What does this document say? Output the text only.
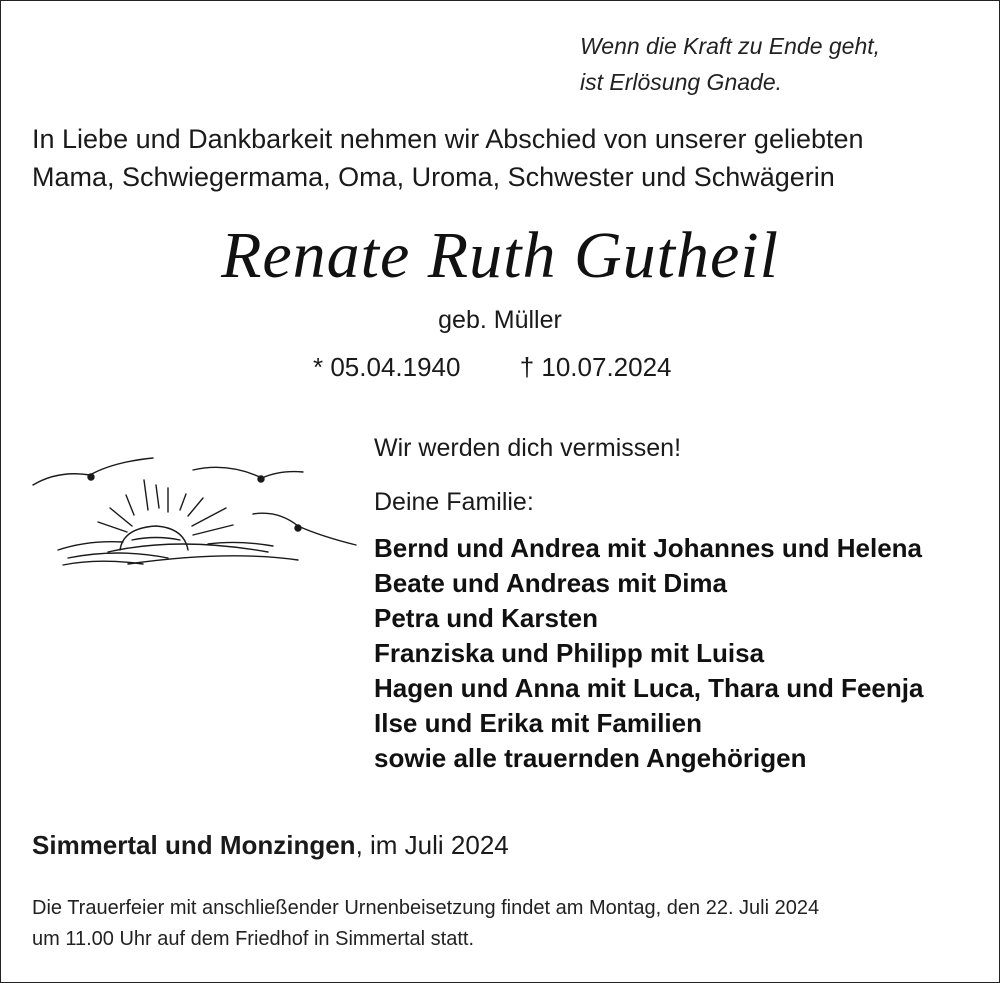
Wenn die Kraft zu Ende geht,
ist Erlösung Gnade.
In Liebe und Dankbarkeit nehmen wir Abschied von unserer geliebten
Mama, Schwiegermama, Oma, Uroma, Schwester und Schwägerin
Renate Ruth Gutheil
geb. Müller
* 05.04.1940 † 10.07.2024
Wir werden dich vermissen!
Deine Familie:
Bernd und Andrea mit Johannes und Helena
Beate und Andreas mit Dima
Petra und Karsten
Franziska und Philipp mit Luisa
Hagen und Anna mit Luca, Thara und Feenja
Ilse und Erika mit Familien
sowie alle trauernden Angehörigen
Simmertal und Monzingen, im Juli 2024
Die Trauerfeier mit anschließender Urnenbeisetzung findet am Montag, den 22. Juli 2024
um 11.00 Uhr auf dem Friedhof in Simmertal statt.
